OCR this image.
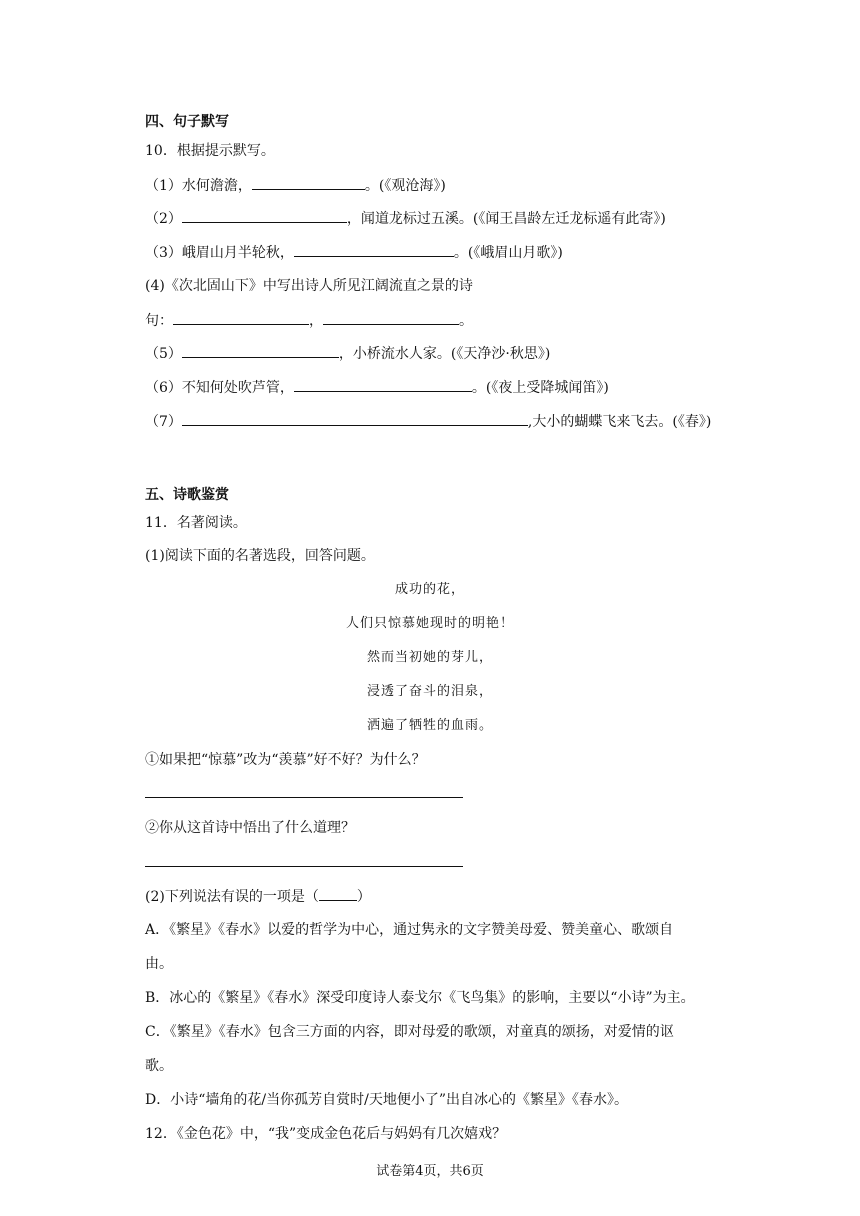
四、句子默写
10．根据提示默写。
（1）水何澹澹，	。(《观沧海》)
（2）	，闻道龙标过五溪。(《闻王昌龄左迁龙标遥有此寄》)
（3）峨眉山月半轮秋，	。(《峨眉山月歌》)
(4)《次北固山下》中写出诗人所见江阔流直之景的诗
句：	，	。
（5）	，小桥流水人家。(《天净沙·秋思》)
（6）不知何处吹芦管，	。(《夜上受降城闻笛》)
（7）	,大小的蝴蝶飞来飞去。(《春》)
五、诗歌鉴赏
11．名著阅读。
(1)阅读下面的名著选段，回答问题。
成功的花，
人们只惊慕她现时的明艳！
然而当初她的芽儿，
浸透了奋斗的泪泉，
洒遍了牺牲的血雨。
①如果把“惊慕”改为“羡慕”好不好？为什么？
②你从这首诗中悟出了什么道理？
(2)下列说法有误的一项是（	）
A．《繁星》《春水》以爱的哲学为中心，通过隽永的文字赞美母爱、赞美童心、歌颂自
由。
B．冰心的《繁星》《春水》深受印度诗人泰戈尔《飞鸟集》的影响，主要以“小诗”为主。
C．《繁星》《春水》包含三方面的内容，即对母爱的歌颂，对童真的颂扬，对爱情的讴
歌。
D．小诗“墙角的花/当你孤芳自赏时/天地便小了”出自冰心的《繁星》《春水》。
12．《金色花》中，“我”变成金色花后与妈妈有几次嬉戏？
试卷第4页，共6页
